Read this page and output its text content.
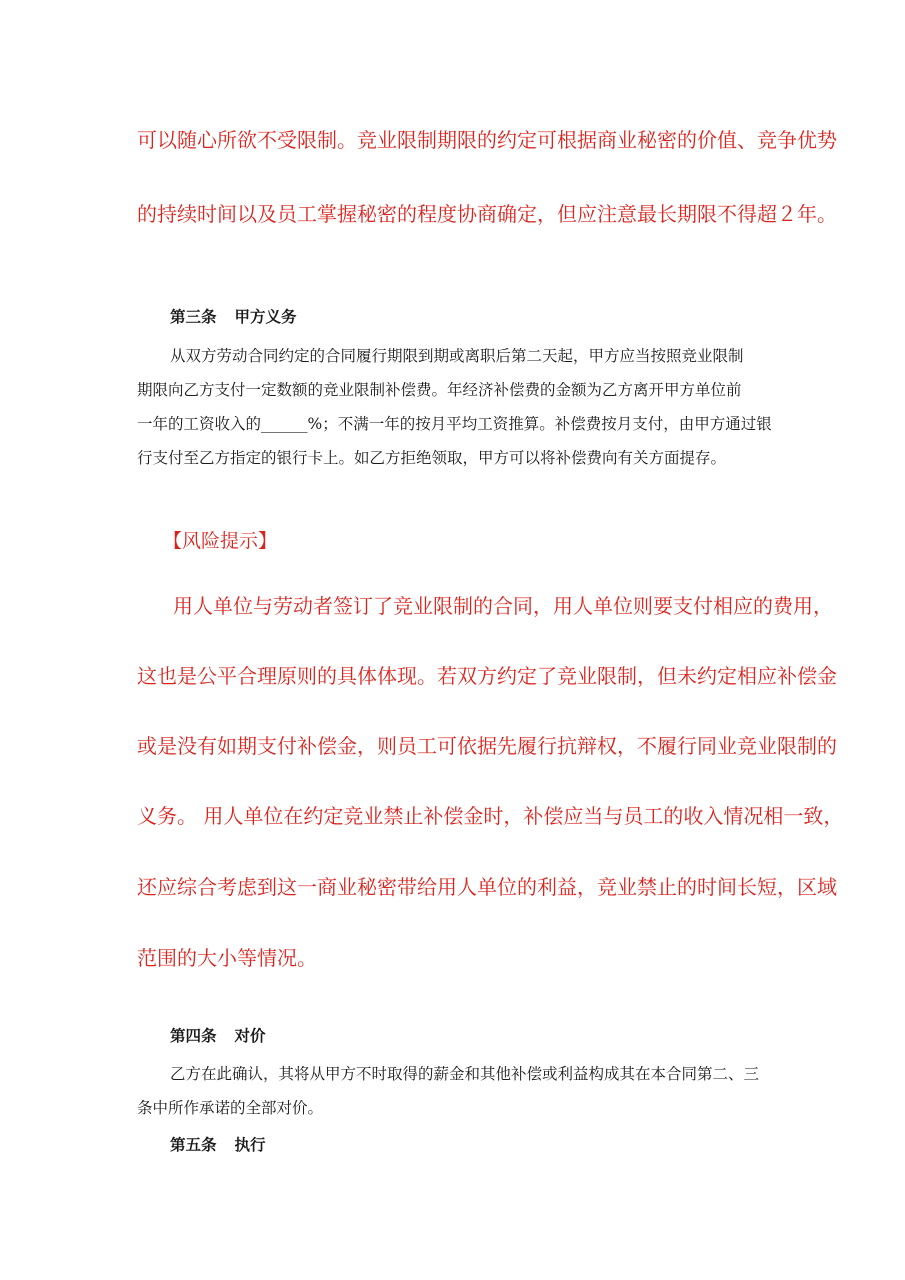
可以随心所欲不受限制。竞业限制期限的约定可根据商业秘密的价值、竞争优势
的持续时间以及员工掌握秘密的程度协商确定，但应注意最长期限不得超２年。
第三条 甲方义务
从双方劳动合同约定的合同履行期限到期或离职后第二天起，甲方应当按照竞业限制
期限向乙方支付一定数额的竞业限制补偿费。年经济补偿费的金额为乙方离开甲方单位前
一年的工资收入的______%；不满一年的按月平均工资推算。补偿费按月支付，由甲方通过银
行支付至乙方指定的银行卡上。如乙方拒绝领取，甲方可以将补偿费向有关方面提存。
【风险提示】
用人单位与劳动者签订了竞业限制的合同，用人单位则要支付相应的费用，
这也是公平合理原则的具体体现。若双方约定了竞业限制，但未约定相应补偿金
或是没有如期支付补偿金，则员工可依据先履行抗辩权，不履行同业竞业限制的
义务。 用人单位在约定竞业禁止补偿金时，补偿应当与员工的收入情况相一致，
还应综合考虑到这一商业秘密带给用人单位的利益，竞业禁止的时间长短，区域
范围的大小等情况。
第四条 对价
乙方在此确认，其将从甲方不时取得的薪金和其他补偿或利益构成其在本合同第二、三
条中所作承诺的全部对价。
第五条 执行
